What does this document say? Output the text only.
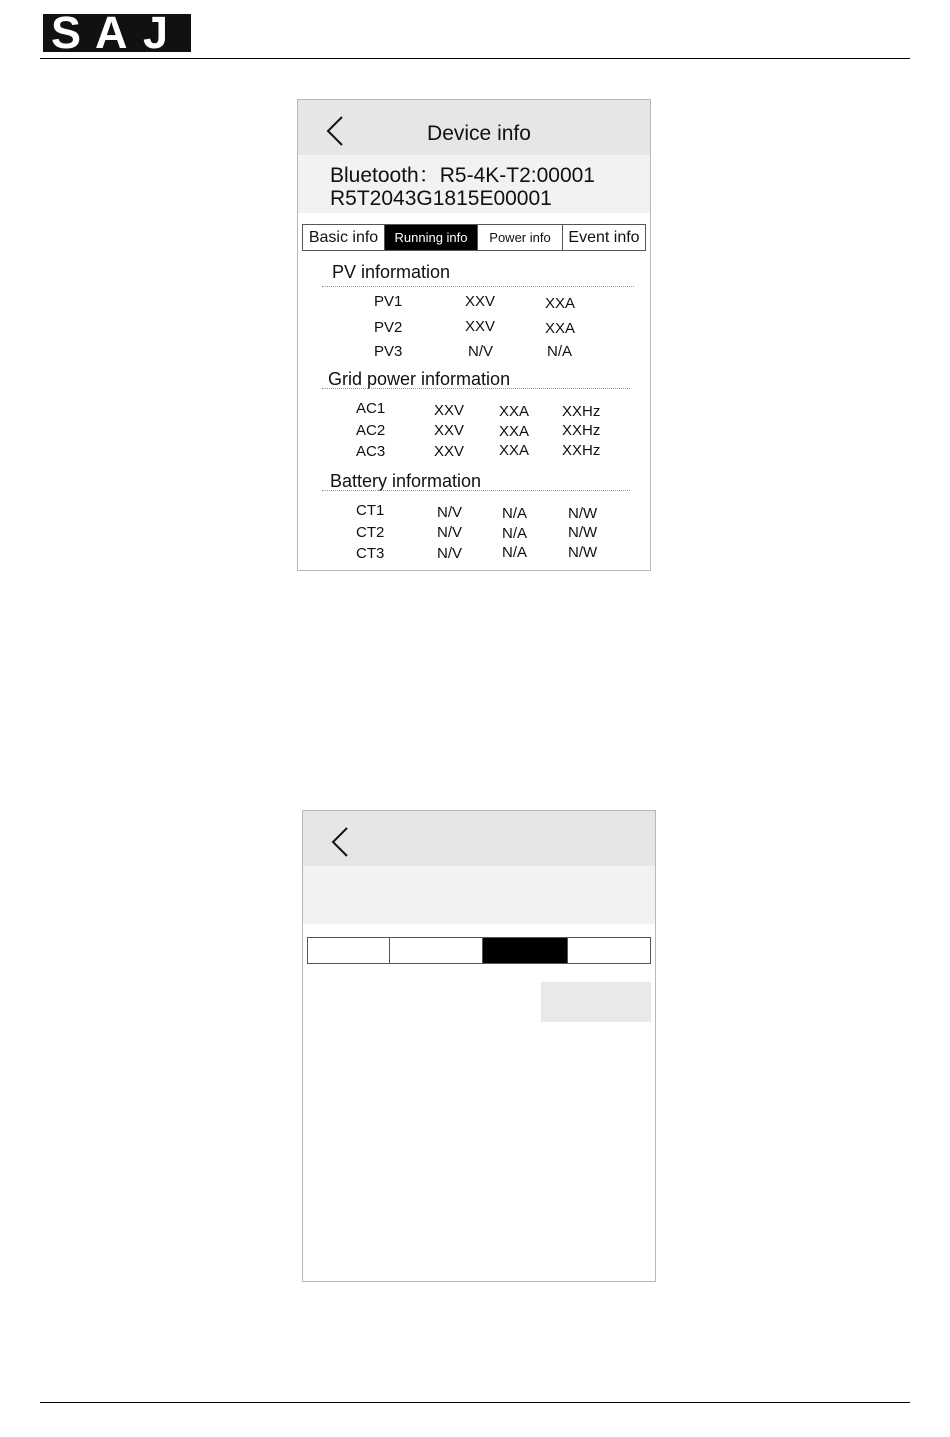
S A J
Device info
Bluetooth：R5-4K-T2:00001
R5T2043G1815E00001
Basic info	Running info	Power info	Event info
PV information
PV1	XXV	XXA
PV2	XXV	XXA
PV3	N/V	N/A
Grid power information
AC1	XXV XXA XXHz
AC2	XXV XXA XXHz
AC3	XXV XXA XXHz
Battery information
CT1	N/V	N/A	N/W
CT2	N/V	N/A	N/W
CT3	N/V	N/A	N/W
